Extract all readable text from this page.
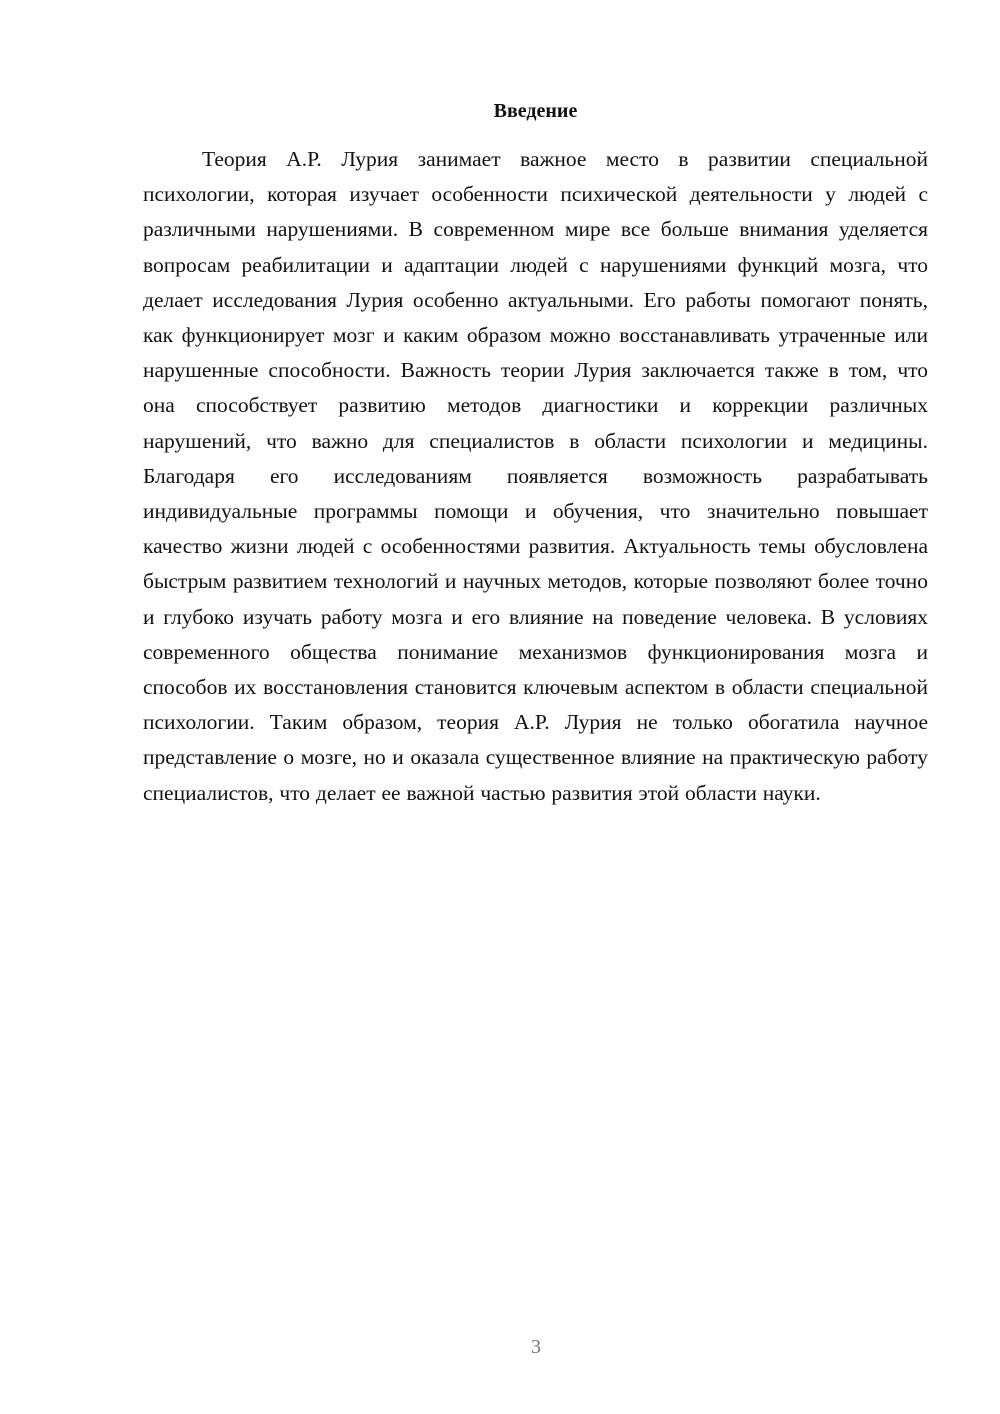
Введение

Теория А.Р. Лурия занимает важное место в развитии специальной психологии, которая изучает особенности психической деятельности у людей с различными нарушениями. В современном мире все больше внимания уделяется вопросам реабилитации и адаптации людей с нарушениями функций мозга, что делает исследования Лурия особенно актуальными. Его работы помогают понять, как функционирует мозг и каким образом можно восстанавливать утраченные или нарушенные способности. Важность теории Лурия заключается также в том, что она способствует развитию методов диагностики и коррекции различных нарушений, что важно для специалистов в области психологии и медицины. Благодаря его исследованиям появляется возможность разрабатывать индивидуальные программы помощи и обучения, что значительно повышает качество жизни людей с особенностями развития. Актуальность темы обусловлена быстрым развитием технологий и научных методов, которые позволяют более точно и глубоко изучать работу мозга и его влияние на поведение человека. В условиях современного общества понимание механизмов функционирования мозга и способов их восстановления становится ключевым аспектом в области специальной психологии. Таким образом, теория А.Р. Лурия не только обогатила научное представление о мозге, но и оказала существенное влияние на практическую работу специалистов, что делает ее важной частью развития этой области науки.

3
